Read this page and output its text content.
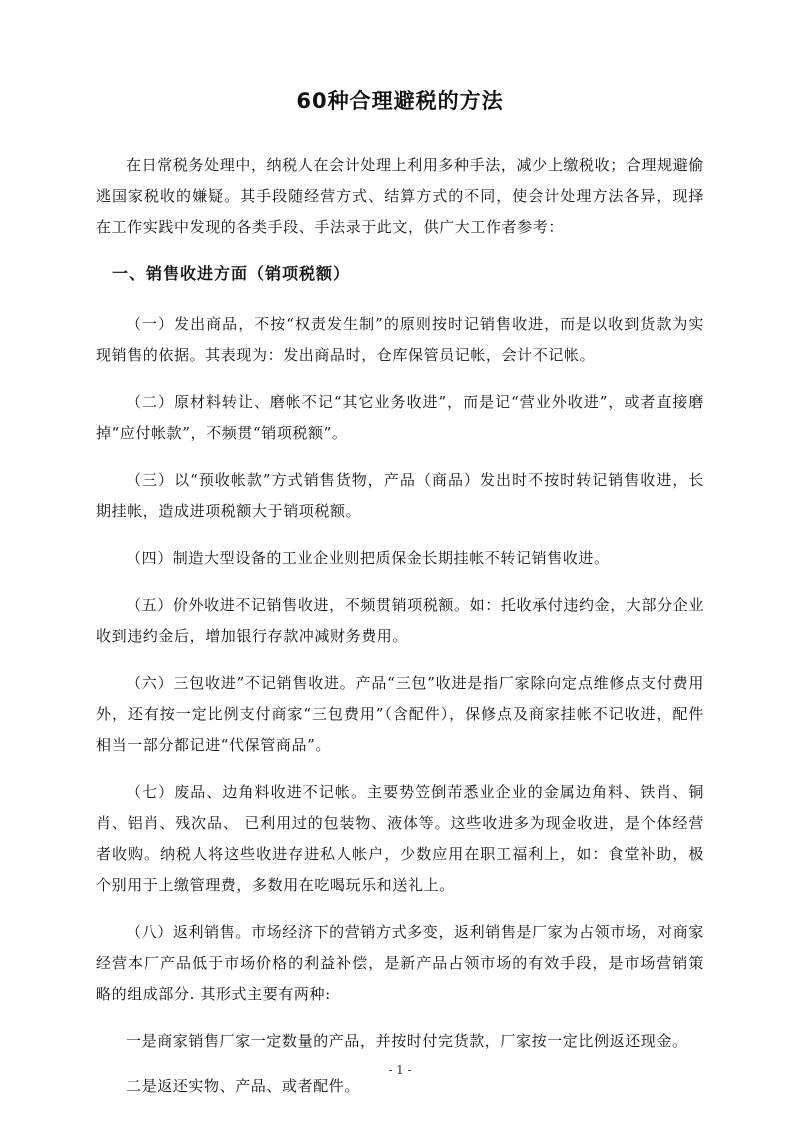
60种合理避税的方法

在日常税务处理中，纳税人在会计处理上利用多种手法，减少上缴税收；合理规避偷逃国家税收的嫌疑。其手段随经营方式、结算方式的不同，使会计处理方法各异，现择在工作实践中发现的各类手段、手法录于此文，供广大工作者参考：

一、销售收进方面（销项税额）

（一）发出商品，不按“权责发生制”的原则按时记销售收进，而是以收到货款为实现销售的依据。其表现为：发出商品时，仓库保管员记帐，会计不记帐。

（二）原材料转让、磨帐不记“其它业务收进”，而是记“营业外收进”，或者直接磨掉“应付帐款”，不频贯“销项税额”。

（三）以“预收帐款”方式销售货物，产品（商品）发出时不按时转记销售收进，长期挂帐，造成进项税额大于销项税额。

（四）制造大型设备的工业企业则把质保金长期挂帐不转记销售收进。

（五）价外收进不记销售收进，不频贯销项税额。如：托收承付违约金，大部分企业收到违约金后，增加银行存款冲减财务费用。

（六）三包收进”不记销售收进。产品“三包”收进是指厂家除向定点维修点支付费用外，还有按一定比例支付商家“三包费用”（含配件），保修点及商家挂帐不记收进，配件相当一部分都记进“代保管商品”。

（七）废品、边角料收进不记帐。主要势笠倒芾悉业企业的金属边角料、铁肖、铜肖、铝肖、残次品、 已利用过的包装物、液体等。这些收进多为现金收进，是个体经营者收购。纳税人将这些收进存进私人帐户，少数应用在职工福利上，如：食堂补助，极个别用于上缴管理费，多数用在吃喝玩乐和送礼上。

（八）返利销售。市场经济下的营销方式多变，返利销售是厂家为占领市场，对商家经营本厂产品低于市场价格的利益补偿，是新产品占领市场的有效手段，是市场营销策略的组成部分. 其形式主要有两种:

一是商家销售厂家一定数量的产品，并按时付完货款，厂家按一定比例返还现金。

二是返还实物、产品、或者配件。

- 1 -
